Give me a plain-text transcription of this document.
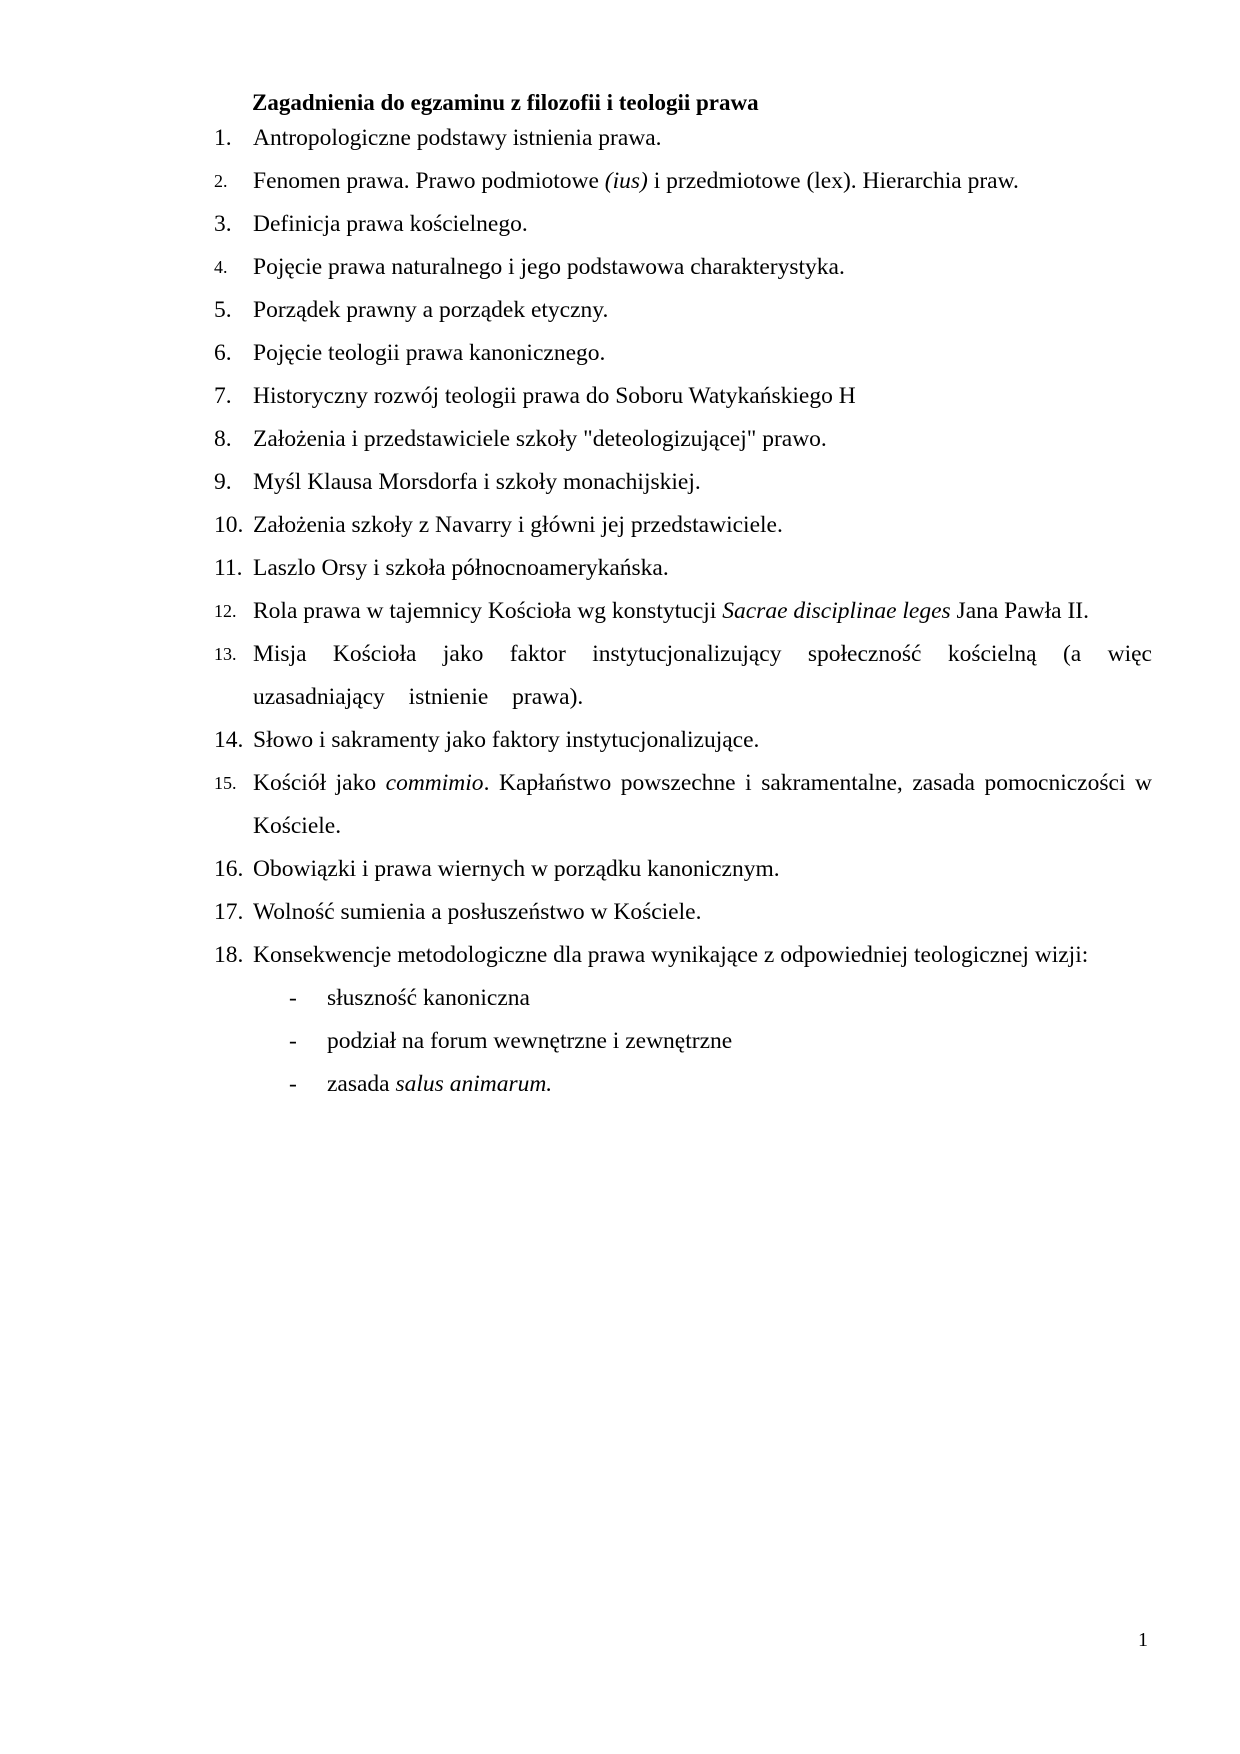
Zagadnienia do egzaminu z filozofii i teologii prawa
1. Antropologiczne podstawy istnienia prawa.
2. Fenomen prawa. Prawo podmiotowe (ius) i przedmiotowe (lex). Hierarchia praw.
3. Definicja prawa kościelnego.
4. Pojęcie prawa naturalnego i jego podstawowa charakterystyka.
5. Porządek prawny a porządek etyczny.
6. Pojęcie teologii prawa kanonicznego.
7. Historyczny rozwój teologii prawa do Soboru Watykańskiego H
8. Założenia i przedstawiciele szkoły "deteologizującej" prawo.
9. Myśl Klausa Morsdorfa i szkoły monachijskiej.
10. Założenia szkoły z Navarry i główni jej przedstawiciele.
11. Laszlo Orsy i szkoła północnoamerykańska.
12. Rola prawa w tajemnicy Kościoła wg konstytucji Sacrae disciplinae leges Jana Pawła II.
13. Misja Kościoła jako faktor instytucjonalizujący społeczność kościelną (a więc uzasadniający istnienie prawa).
14. Słowo i sakramenty jako faktory instytucjonalizujące.
15. Kościół jako commimio. Kapłaństwo powszechne i sakramentalne, zasada pomocniczości w Kościele.
16. Obowiązki i prawa wiernych w porządku kanonicznym.
17. Wolność sumienia a posłuszeństwo w Kościele.
18. Konsekwencje metodologiczne dla prawa wynikające z odpowiedniej teologicznej wizji:
- słuszność kanoniczna
- podział na forum wewnętrzne i zewnętrzne
- zasada salus animarum.
1
